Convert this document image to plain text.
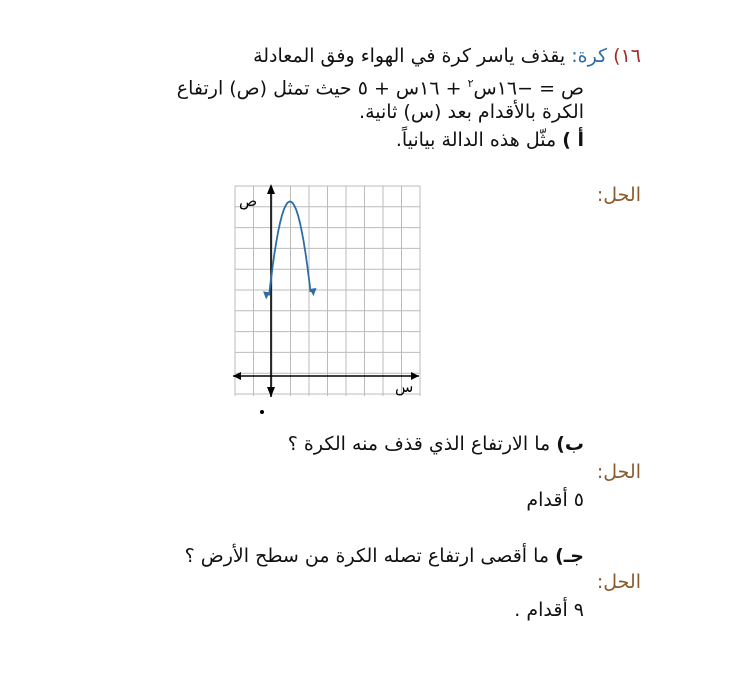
١٦) كرة: يقذف ياسر كرة في الهواء وفق المعادلة
ص = −١٦س$^٢$ + ١٦س + ٥ حيث تمثل (ص) ارتفاع
الكرة بالأقدام بعد (س) ثانية.
أ ) مثّل هذه الدالة بيانياً.
الحل:
ص
س
ب) ما الارتفاع الذي قذف منه الكرة ؟
الحل:
٥ أقدام
جـ) ما أقصى ارتفاع تصله الكرة من سطح الأرض ؟
الحل:
٩ أقدام .
